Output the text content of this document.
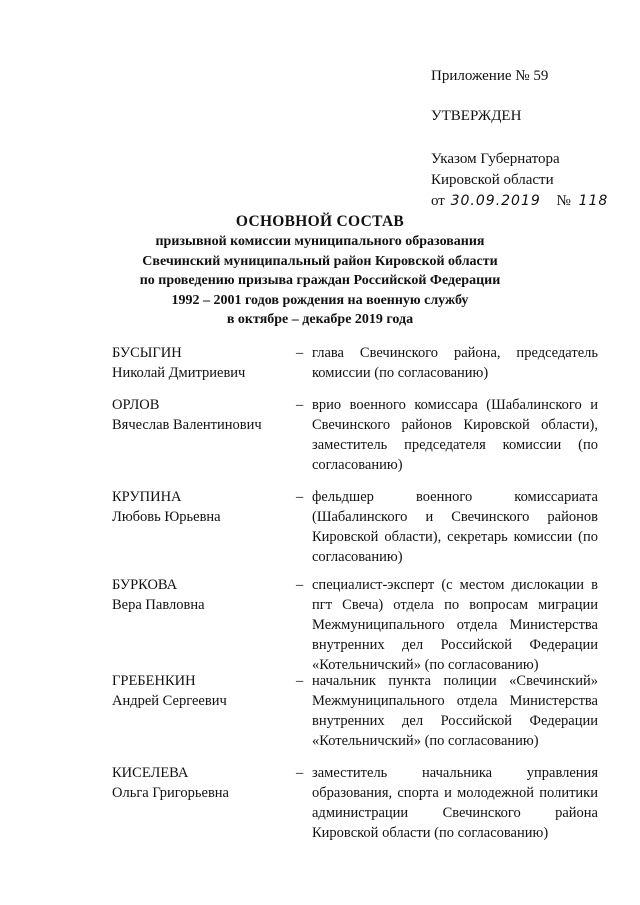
Приложение № 59
УТВЕРЖДЕН
Указом Губернатора
Кировской области
от 30.09.2019 № 118
ОСНОВНОЙ СОСТАВ
призывной комиссии муниципального образования
Свечинский муниципальный район Кировской области
по проведению призыва граждан Российской Федерации
1992 – 2001 годов рождения на военную службу
в октябре – декабре 2019 года
БУСЫГИН
Николай Дмитриевич
– глава Свечинского района, председатель комиссии (по согласованию)
ОРЛОВ
Вячеслав Валентинович
– врио военного комиссара (Шабалинского и Свечинского районов Кировской области), заместитель председателя комиссии (по согласованию)
КРУПИНА
Любовь Юрьевна
– фельдшер военного комиссариата (Шабалинского и Свечинского районов Кировской области), секретарь комиссии (по согласованию)
БУРКОВА
Вера Павловна
– специалист-эксперт (с местом дислокации в пгт Свеча) отдела по вопросам миграции Межмуниципального отдела Министерства внутренних дел Российской Федерации «Котельничский» (по согласованию)
ГРЕБЕНКИН
Андрей Сергеевич
– начальник пункта полиции «Свечинский» Межмуниципального отдела Министерства внутренних дел Российской Федерации «Котельничский» (по согласованию)
КИСЕЛЕВА
Ольга Григорьевна
– заместитель начальника управления образования, спорта и молодежной политики администрации Свечинского района Кировской области (по согласованию)
